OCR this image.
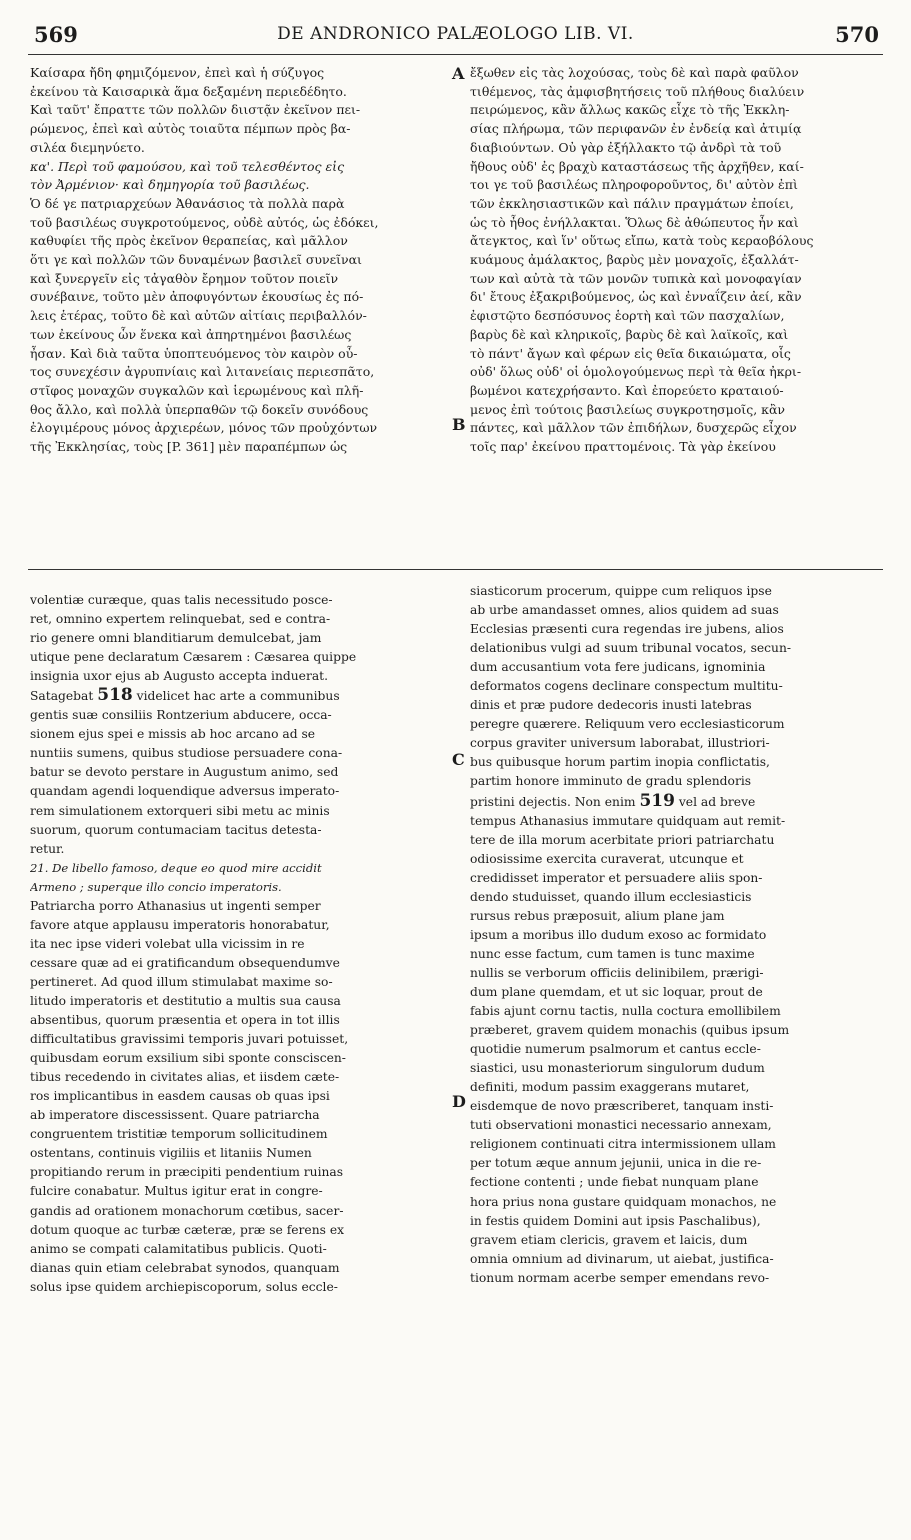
569	DE ANDRONICO PALÆOLOGO LIB. VI.	570
Καίσαρα ἤδη φημιζόμενον, ἐπεὶ καὶ ἡ σύζυγος
ἐκείνου τὰ Καισαρικὰ ἅμα δεξαμένη περιεδέδητο.
Καὶ ταῦτ' ἔπραττε τῶν πολλῶν διιστᾷν ἐκεῖνον πει-
ρώμενος, ἐπεὶ καὶ αὐτὸς τοιαῦτα πέμπων πρὸς βα-
σιλέα διεμηνύετο.
κα'. Περὶ τοῦ φαμούσου, καὶ τοῦ τελεσθέντος εἰς
τὸν Ἀρμένιον· καὶ δημηγορία τοῦ βασιλέως.
Ὁ δέ γε πατριαρχεύων Ἀθανάσιος τὰ πολλὰ παρὰ
τοῦ βασιλέως συγκροτούμενος, οὐδὲ αὐτός, ὡς ἐδόκει,
καθυφίει τῆς πρὸς ἐκεῖνον θεραπείας, καὶ μᾶλλον
ὅτι γε καὶ πολλῶν τῶν δυναμένων βασιλεῖ συνεῖναι
καὶ ξυνεργεῖν εἰς τἀγαθὸν ἔρημον τοῦτον ποιεῖν
συνέβαινε, τοῦτο μὲν ἀποφυγόντων ἑκουσίως ἐς πό-
λεις ἑτέρας, τοῦτο δὲ καὶ αὐτῶν αἰτίαις περιβαλλόν-
των ἐκείνους ὧν ἕνεκα καὶ ἀπηρτημένοι βασιλέως
ἦσαν. Καὶ διὰ ταῦτα ὑποπτευόμενος τὸν καιρὸν οὖ-
τος συνεχέσιν ἀγρυπνίαις καὶ λιτανείαις περιεσπᾶτο,
στῖφος μοναχῶν συγκαλῶν καὶ ἱερωμένους καὶ πλῆ-
θος ἄλλο, καὶ πολλὰ ὑπερπαθῶν τῷ δοκεῖν συνόδους
ἐλογιμέρους μόνος ἀρχιερέων, μόνος τῶν προὐχόντων
τῆς Ἐκκλησίας, τοὺς [P. 361] μὲν παραπέμπων ὡς
ἔξωθεν εἰς τὰς λοχούσας, τοὺς δὲ καὶ παρὰ φαῦλον
τιθέμενος, τὰς ἀμφισβητήσεις τοῦ πλήθους διαλύειν
πειρώμενος, κἂν ἄλλως κακῶς εἶχε τὸ τῆς Ἐκκλη-
σίας πλήρωμα, τῶν περιφανῶν ἐν ἐνδείᾳ καὶ ἀτιμίᾳ
διαβιούντων. Οὐ γὰρ ἐξήλλακτο τῷ ἀνδρὶ τὰ τοῦ
ἤθους οὐδ' ἐς βραχὺ καταστάσεως τῆς ἀρχῆθεν, καί-
τοι γε τοῦ βασιλέως πληροφοροῦντος, δι' αὐτὸν ἐπὶ
τῶν ἐκκλησιαστικῶν καὶ πάλιν πραγμάτων ἐποίει,
ὡς τὸ ἦθος ἐνήλλακται. Ὅλως δὲ ἀθώπευτος ἦν καὶ
ἄτεγκτος, καὶ ἵν' οὕτως εἴπω, κατὰ τοὺς κεραοβόλους
κυάμους ἀμάλακτος, βαρὺς μὲν μοναχοῖς, ἐξαλλάτ-
των καὶ αὐτὰ τὰ τῶν μονῶν τυπικὰ καὶ μονοφαγίαν
δι' ἔτους ἐξακριβούμενος, ὡς καὶ ἐνναΐζειν ἀεί, κἂν
ἐφιστῷτο δεσπόσυνος ἑορτὴ καὶ τῶν πασχαλίων,
βαρὺς δὲ καὶ κληρικοῖς, βαρὺς δὲ καὶ λαϊκοῖς, καὶ
τὸ πάντ' ἄγων καὶ φέρων εἰς θεῖα δικαιώματα, οἷς
οὐδ' ὅλως οὐδ' οἱ ὁμολογούμενως περὶ τὰ θεῖα ἠκρι-
βωμένοι κατεχρήσαντο. Καὶ ἐπορεύετο κραταιού-
μενος ἐπὶ τούτοις βασιλείως συγκροτησμοῖς, κἂν
πάντες, καὶ μᾶλλον τῶν ἐπιδήλων, δυσχερῶς εἶχον
τοῖς παρ' ἐκείνου πραττομένοις. Τὰ γὰρ ἐκείνου
volentiæ curæque, quas talis necessitudo posce-
ret, omnino expertem relinquebat, sed e contra-
rio genere omni blanditiarum demulcebat, jam
utique pene declaratum Cæsarem : Cæsarea quippe
insignia uxor ejus ab Augusto accepta induerat.
Satagebat 518 videlicet hac arte a communibus
gentis suæ consiliis Rontzerium abducere, occa-
sionem ejus spei e missis ab hoc arcano ad se
nuntiis sumens, quibus studiose persuadere cona-
batur se devoto perstare in Augustum animo, sed
quandam agendi loquendique adversus imperato-
rem simulationem extorqueri sibi metu ac minis
suorum, quorum contumaciam tacitus detesta-
retur.
21. De libello famoso, deque eo quod mire accidit
Armeno ; superque illo concio imperatoris.
Patriarcha porro Athanasius ut ingenti semper
favore atque applausu imperatoris honorabatur,
ita nec ipse videri volebat ulla vicissim in re
cessare quæ ad ei gratificandum obsequendumve
pertineret. Ad quod illum stimulabat maxime so-
litudo imperatoris et destitutio a multis sua causa
absentibus, quorum præsentia et opera in tot illis
difficultatibus gravissimi temporis juvari potuisset,
quibusdam eorum exsilium sibi sponte consciscen-
tibus recedendo in civitates alias, et iisdem cæte-
ros implicantibus in easdem causas ob quas ipsi
ab imperatore discessissent. Quare patriarcha
congruentem tristitiæ temporum sollicitudinem
ostentans, continuis vigiliis et litaniis Numen
propitiando rerum in præcipiti pendentium ruinas
fulcire conabatur. Multus igitur erat in congre-
gandis ad orationem monachorum cœtibus, sacer-
dotum quoque ac turbæ cæteræ, præ se ferens ex
animo se compati calamitatibus publicis. Quoti-
dianas quin etiam celebrabat synodos, quanquam
solus ipse quidem archiepiscoporum, solus eccle-
siasticorum procerum, quippe cum reliquos ipse
ab urbe amandasset omnes, alios quidem ad suas
Ecclesias præsenti cura regendas ire jubens, alios
delationibus vulgi ad suum tribunal vocatos, secun-
dum accusantium vota fere judicans, ignominia
deformatos cogens declinare conspectum multitu-
dinis et præ pudore dedecoris inusti latebras
peregre quærere. Reliquum vero ecclesiasticorum
corpus graviter universum laborabat, illustriori-
bus quibusque horum partim inopia conflictatis,
partim honore imminuto de gradu splendoris
pristini dejectis. Non enim 519 vel ad breve
tempus Athanasius immutare quidquam aut remit-
tere de illa morum acerbitate priori patriarchatu
odiosissime exercita curaverat, utcunque et
credidisset imperator et persuadere aliis spon-
dendo studuisset, quando illum ecclesiasticis
rursus rebus præposuit, alium plane jam
ipsum a moribus illo dudum exoso ac formidato
nunc esse factum, cum tamen is tunc maxime
nullis se verborum officiis delinibilem, prærigi-
dum plane quemdam, et ut sic loquar, prout de
fabis ajunt cornu tactis, nulla coctura emollibilem
præberet, gravem quidem monachis (quibus ipsum
quotidie numerum psalmorum et cantus eccle-
siastici, usu monasteriorum singulorum dudum
definiti, modum passim exaggerans mutaret,
eisdemque de novo præscriberet, tanquam insti-
tuti observationi monastici necessario annexam,
religionem continuati citra intermissionem ullam
per totum æque annum jejunii, unica in die re-
fectione contenti ; unde fiebat nunquam plane
hora prius nona gustare quidquam monachos, ne
in festis quidem Domini aut ipsis Paschalibus),
gravem etiam clericis, gravem et laicis, dum
omnia omnium ad divinarum, ut aiebat, justifica-
tionum normam acerbe semper emendans revo-
A
B
C
D
